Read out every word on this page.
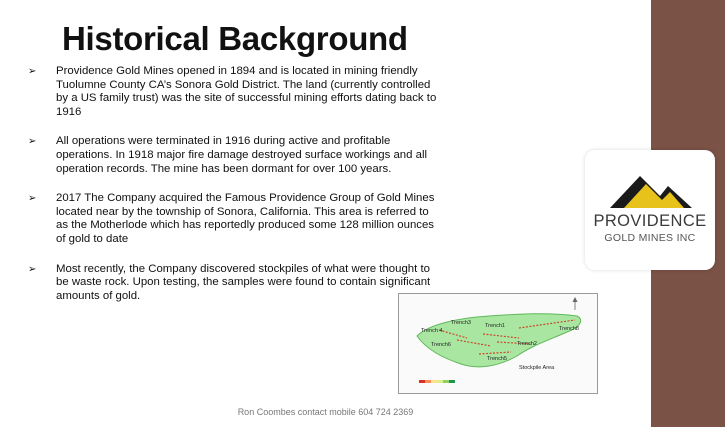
PROVIDENCE
GOLD MINES INC
Historical Background
➢ Providence Gold Mines opened in 1894 and is located in mining friendly Tuolumne County CA’s Sonora Gold District. The land (currently controlled by a US family trust) was the site of successful mining efforts dating back to 1916
➢ All operations were terminated in 1916 during active and profitable operations. In 1918 major fire damage destroyed surface workings and all operation records. The mine has been dormant for over 100 years.
➢ 2017 The Company acquired the Famous Providence Group of Gold Mines located near by the township of Sonora, California. This area is referred to as the Motherlode which has reportedly produced some 128 million ounces of gold to date
➢ Most recently, the Company discovered stockpiles of what were thought to be waste rock. Upon testing, the samples were found to contain significant amounts of gold.
Trench3
Trench 4
Trench1	Trench8
Trench6	Trench2
Trench5
Stockpile Area
Ron Coombes contact mobile 604 724 2369
